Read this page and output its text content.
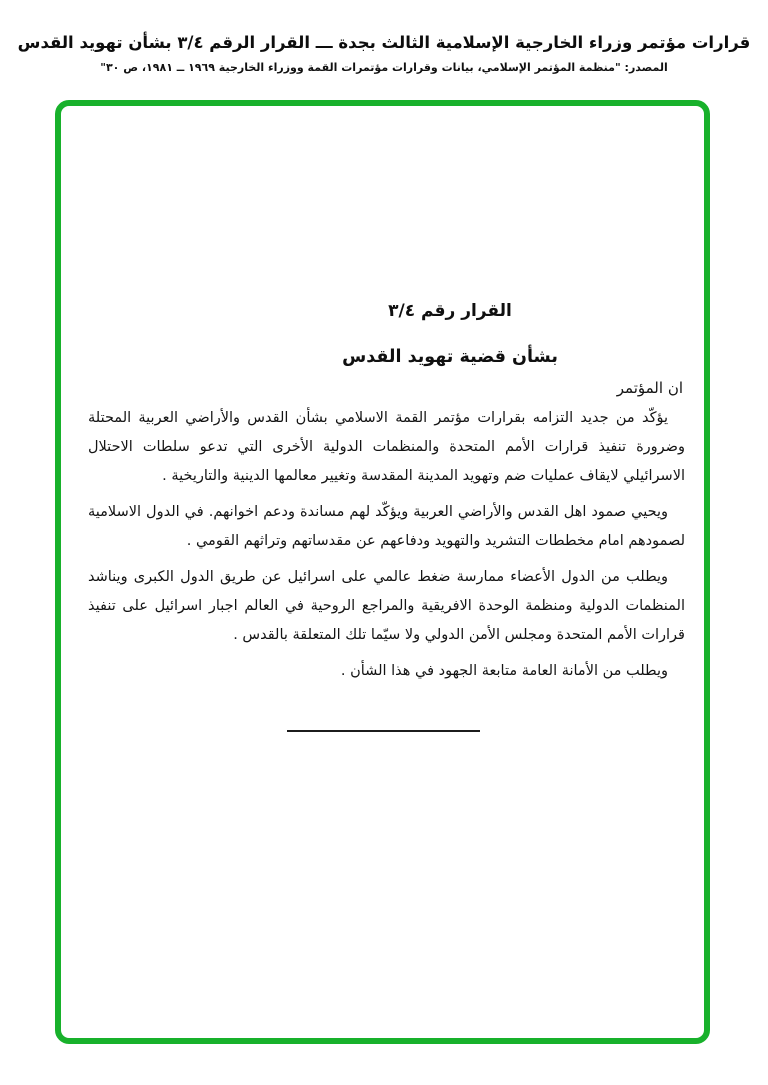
قرارات مؤتمر وزراء الخارجية الإسلامية الثالث بجدة ـــ القرار الرقم ٣/٤ بشأن تهويد القدس
المصدر: "منظمة المؤتمر الإسلامي، بيانات وقرارات مؤتمرات القمة ووزراء الخارجية ١٩٦٩ ــ ١٩٨١، ص ٣٠"
القرار رقم ٣/٤
بشأن قضية تهويد القدس
ان المؤتمر

يؤكّد من جديد التزامه بقرارات مؤتمر القمة الاسلامي بشأن القدس والأراضي العربية المحتلة وضرورة تنفيذ قرارات الأمم المتحدة والمنظمات الدولية الأخرى التي تدعو سلطات الاحتلال الاسرائيلي لايقاف عمليات ضم وتهويد المدينة المقدسة وتغيير معالمها الدينية والتاريخية .

ويحيي صمود اهل القدس والأراضي العربية ويؤكّد لهم مساندة ودعم اخوانهم. في الدول الاسلامية لصمودهم امام مخططات التشريد والتهويد ودفاعهم عن مقدساتهم وتراثهم القومي .

ويطلب من الدول الأعضاء ممارسة ضغط عالمي على اسرائيل عن طريق الدول الكبرى ويناشد المنظمات الدولية ومنظمة الوحدة الافريقية والمراجع الروحية في العالم اجبار اسرائيل على تنفيذ قرارات الأمم المتحدة ومجلس الأمن الدولي ولا سيّما تلك المتعلقة بالقدس .

ويطلب من الأمانة العامة متابعة الجهود في هذا الشأن .
